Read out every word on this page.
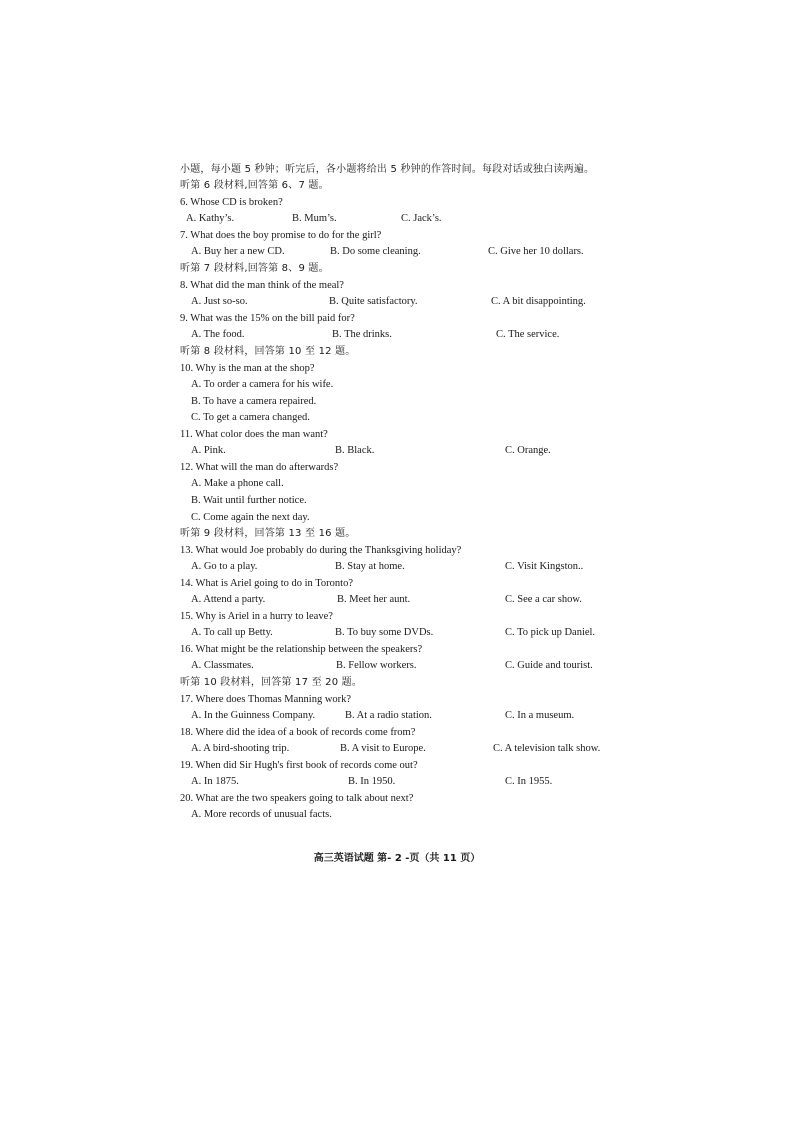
小题，每小题 5 秒钟；听完后，各小题将给出 5 秒钟的作答时间。每段对话或独白读两遍。
听第 6 段材料,回答第 6、7 题。
6. Whose CD is broken?
A. Kathy’s.	B. Mum’s.	C. Jack’s.
7. What does the boy promise to do for the girl?
A. Buy her a new CD.	B. Do some cleaning.	C. Give her 10 dollars.
听第 7 段材料,回答第 8、9 题。
8. What did the man think of the meal?
A. Just so-so.	B. Quite satisfactory.	C. A bit disappointing.
9. What was the 15% on the bill paid for?
A. The food.	B. The drinks.	C. The service.
听第 8 段材料，回答第 10 至 12 题。
10. Why is the man at the shop?
A. To order a camera for his wife.
B. To have a camera repaired.
C. To get a camera changed.
11. What color does the man want?
A. Pink.	B. Black.	C. Orange.
12. What will the man do afterwards?
A. Make a phone call.
B. Wait until further notice.
C. Come again the next day.
听第 9 段材料，回答第 13 至 16 题。
13. What would Joe probably do during the Thanksgiving holiday?
A. Go to a play.	B. Stay at home.	C. Visit Kingston..
14. What is Ariel going to do in Toronto?
A. Attend a party.	B. Meet her aunt.	C. See a car show.
15. Why is Ariel in a hurry to leave?
A. To call up Betty.	B. To buy some DVDs.	C. To pick up Daniel.
16. What might be the relationship between the speakers?
A. Classmates.	B. Fellow workers.	C. Guide and tourist.
听第 10 段材料，回答第 17 至 20 题。
17. Where does Thomas Manning work?
A. In the Guinness Company.	B. At a radio station.	C. In a museum.
18. Where did the idea of a book of records come from?
A. A bird-shooting trip.	B. A visit to Europe.	C. A television talk show.
19. When did Sir Hugh's first book of records come out?
A. In 1875.	B. In 1950.	C. In 1955.
20. What are the two speakers going to talk about next?
A. More records of unusual facts.
高三英语试题 第- 2 -页（共 11 页）
